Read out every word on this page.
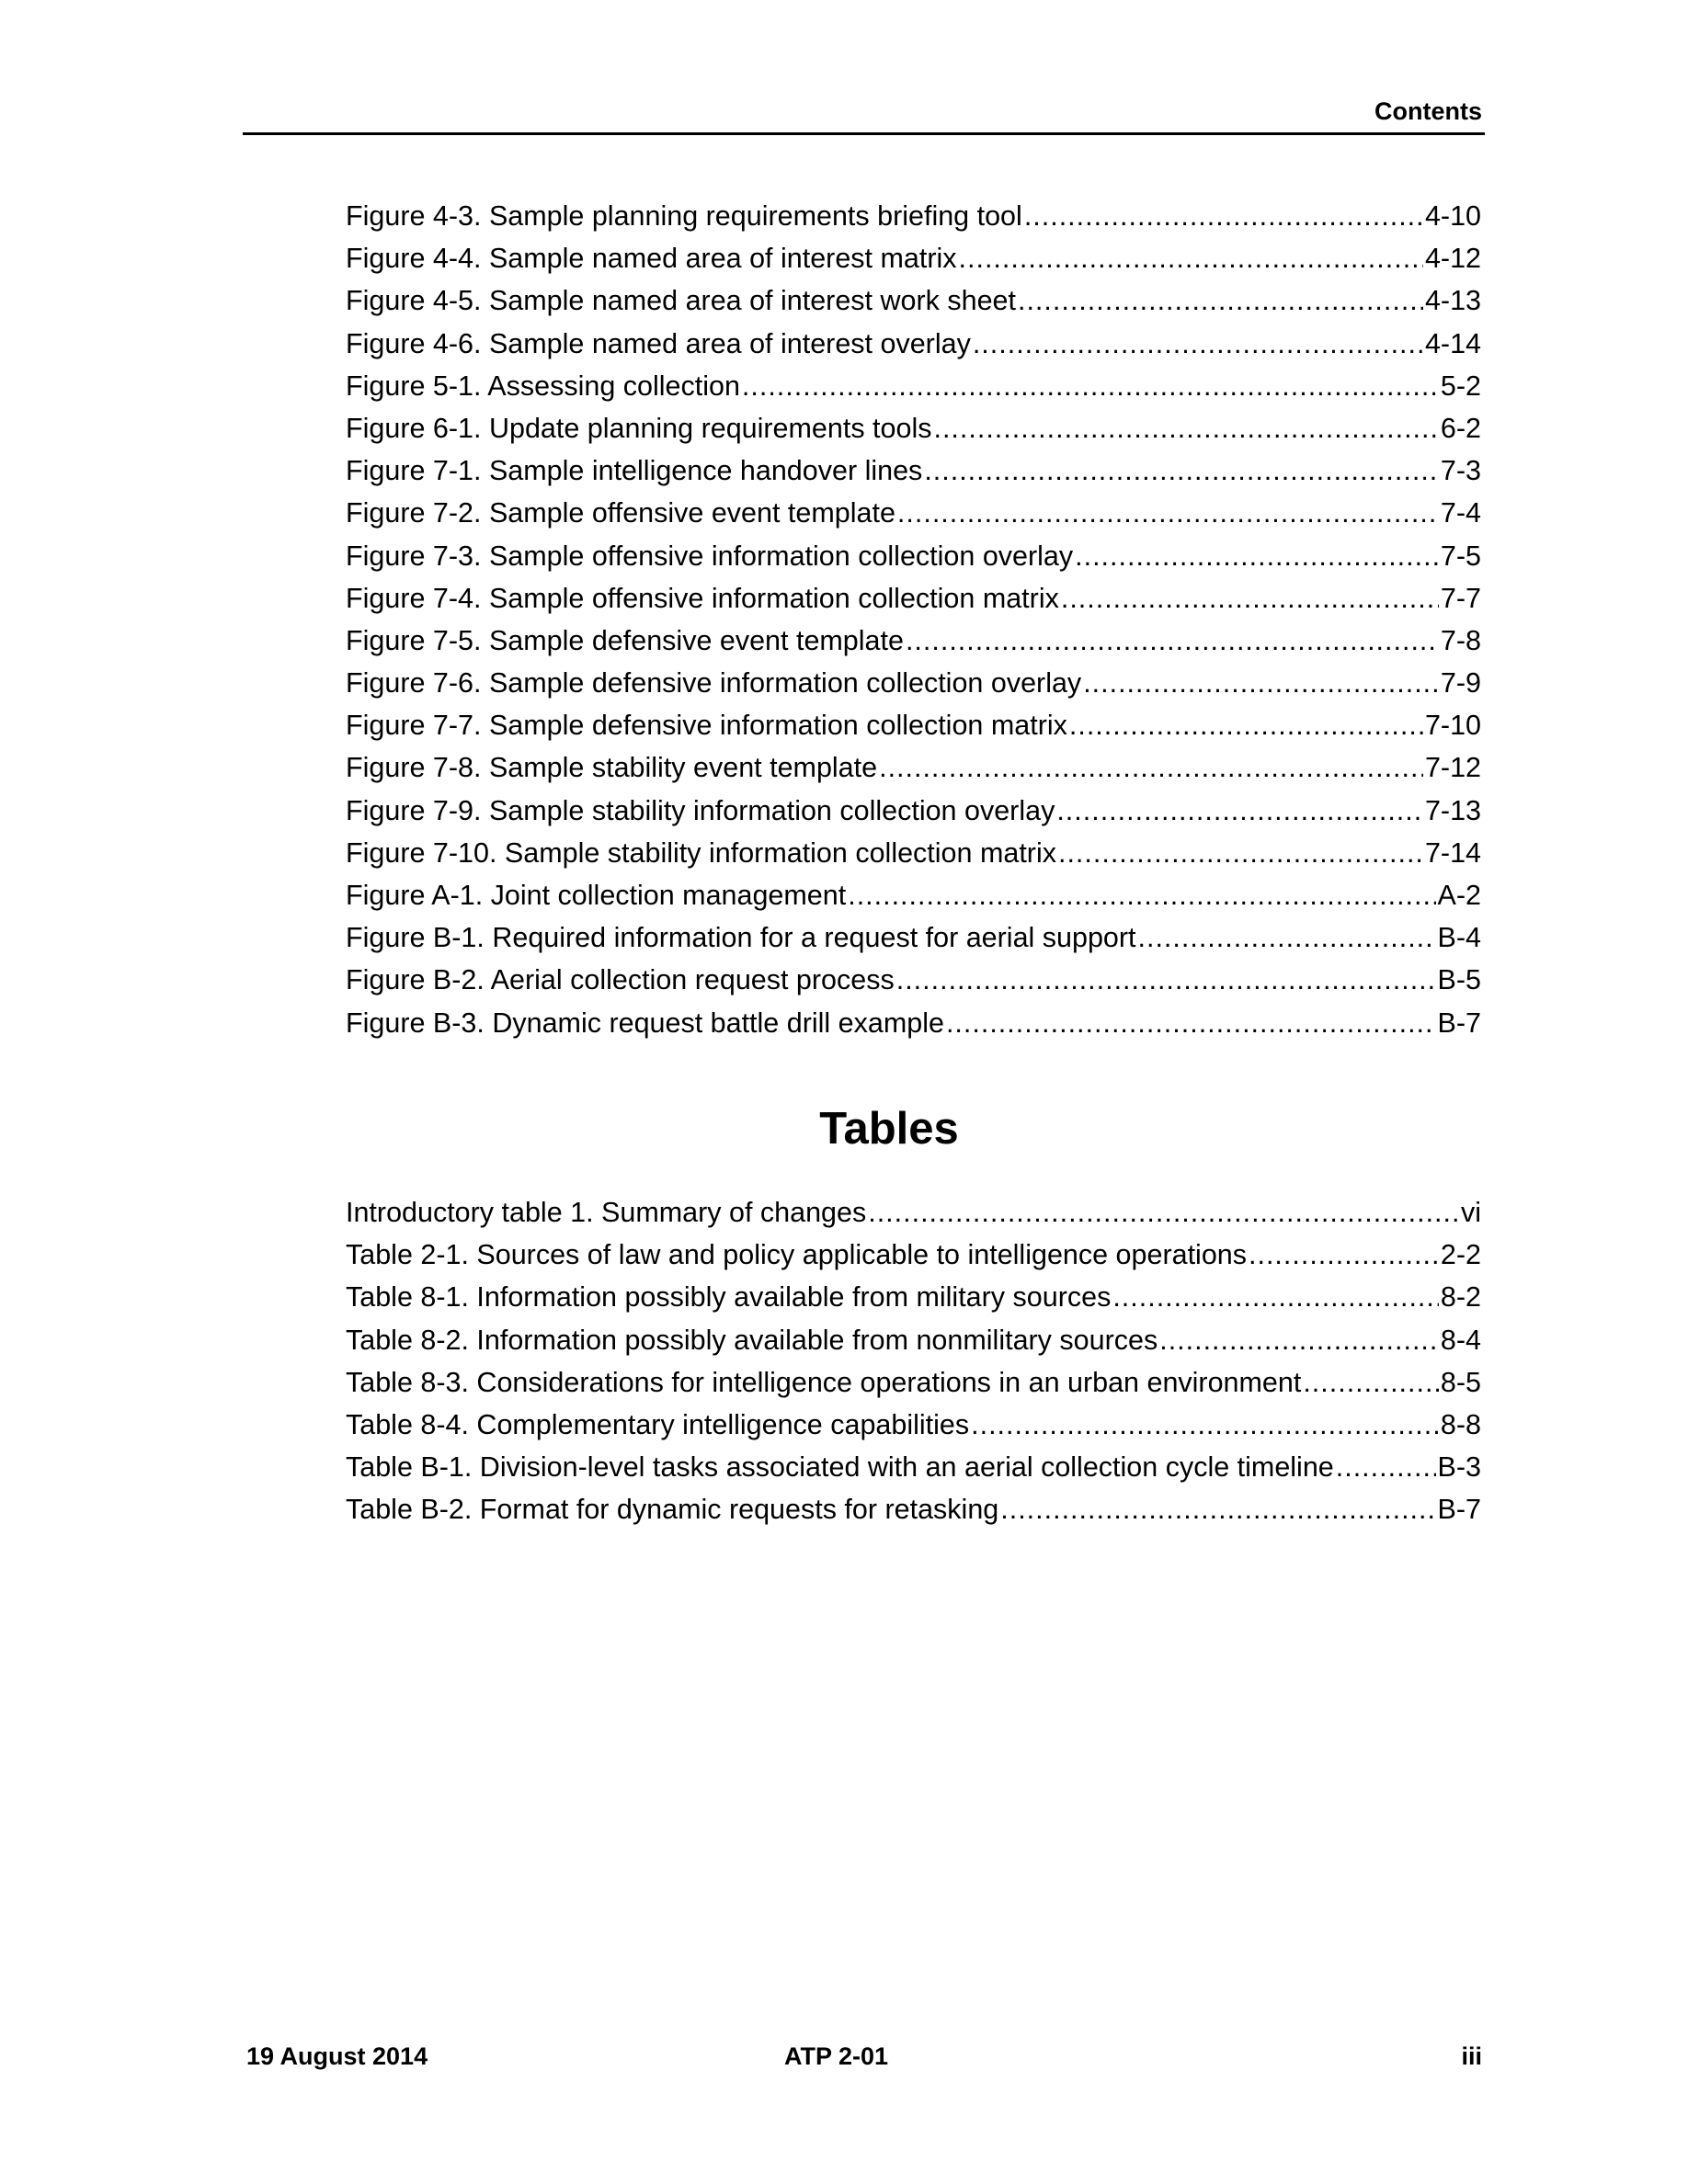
Contents
Figure 4-3. Sample planning requirements briefing tool .....	4-10
Figure 4-4. Sample named area of interest matrix .....	4-12
Figure 4-5. Sample named area of interest work sheet .....	4-13
Figure 4-6. Sample named area of interest overlay .....	4-14
Figure 5-1. Assessing collection .....	5-2
Figure 6-1. Update planning requirements tools .....	6-2
Figure 7-1. Sample intelligence handover lines .....	7-3
Figure 7-2. Sample offensive event template .....	7-4
Figure 7-3. Sample offensive information collection overlay .....	7-5
Figure 7-4. Sample offensive information collection matrix .....	7-7
Figure 7-5. Sample defensive event template .....	7-8
Figure 7-6. Sample defensive information collection overlay .....	7-9
Figure 7-7. Sample defensive information collection matrix .....	7-10
Figure 7-8. Sample stability event template .....	7-12
Figure 7-9. Sample stability information collection overlay .....	7-13
Figure 7-10. Sample stability information collection matrix .....	7-14
Figure A-1. Joint collection management .....	A-2
Figure B-1. Required information for a request for aerial support .....	B-4
Figure B-2. Aerial collection request process .....	B-5
Figure B-3. Dynamic request battle drill example .....	B-7
Tables
Introductory table 1. Summary of changes .....	vi
Table 2-1. Sources of law and policy applicable to intelligence operations .....	2-2
Table 8-1. Information possibly available from military sources .....	8-2
Table 8-2. Information possibly available from nonmilitary sources .....	8-4
Table 8-3. Considerations for intelligence operations in an urban environment .....	8-5
Table 8-4. Complementary intelligence capabilities .....	8-8
Table B-1. Division-level tasks associated with an aerial collection cycle timeline .....	B-3
Table B-2. Format for dynamic requests for retasking .....	B-7
19 August 2014	ATP 2-01	iii
